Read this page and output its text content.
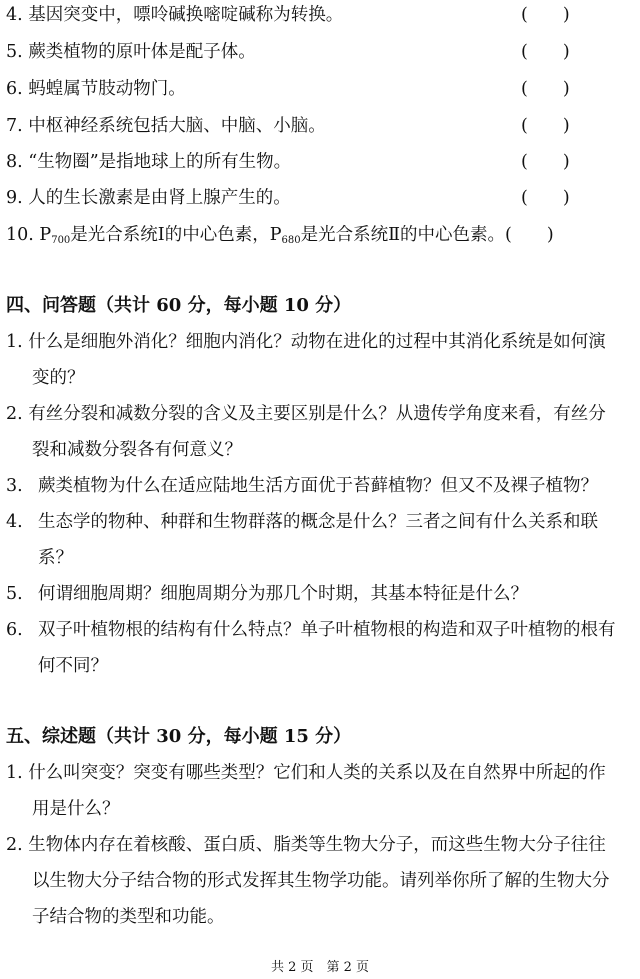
4. 基因突变中，嘌呤碱换嘧啶碱称为转换。	(　　)
5. 蕨类植物的原叶体是配子体。	(　　)
6. 蚂蝗属节肢动物门。	(　　)
7. 中枢神经系统包括大脑、中脑、小脑。	(　　)
8. “生物圈”是指地球上的所有生物。	(　　)
9. 人的生长激素是由肾上腺产生的。	(　　)
10. $P_{700}$是光合系统Ⅰ的中心色素，$P_{680}$是光合系统Ⅱ的中心色素。(　　)
四、问答题（共计 60 分，每小题 10 分）
1. 什么是细胞外消化？细胞内消化？动物在进化的过程中其消化系统是如何演
变的？
2. 有丝分裂和减数分裂的含义及主要区别是什么？从遗传学角度来看，有丝分
裂和减数分裂各有何意义？
3. 蕨类植物为什么在适应陆地生活方面优于苔藓植物？但又不及裸子植物？
4. 生态学的物种、种群和生物群落的概念是什么？三者之间有什么关系和联
系？
5. 何谓细胞周期？细胞周期分为那几个时期，其基本特征是什么？
6. 双子叶植物根的结构有什么特点？单子叶植物根的构造和双子叶植物的根有
何不同？
五、综述题（共计 30 分，每小题 15 分）
1. 什么叫突变？突变有哪些类型？它们和人类的关系以及在自然界中所起的作
用是什么？
2. 生物体内存在着核酸、蛋白质、脂类等生物大分子，而这些生物大分子往往
以生物大分子结合物的形式发挥其生物学功能。请列举你所了解的生物大分
子结合物的类型和功能。
共 2 页　第 2 页
